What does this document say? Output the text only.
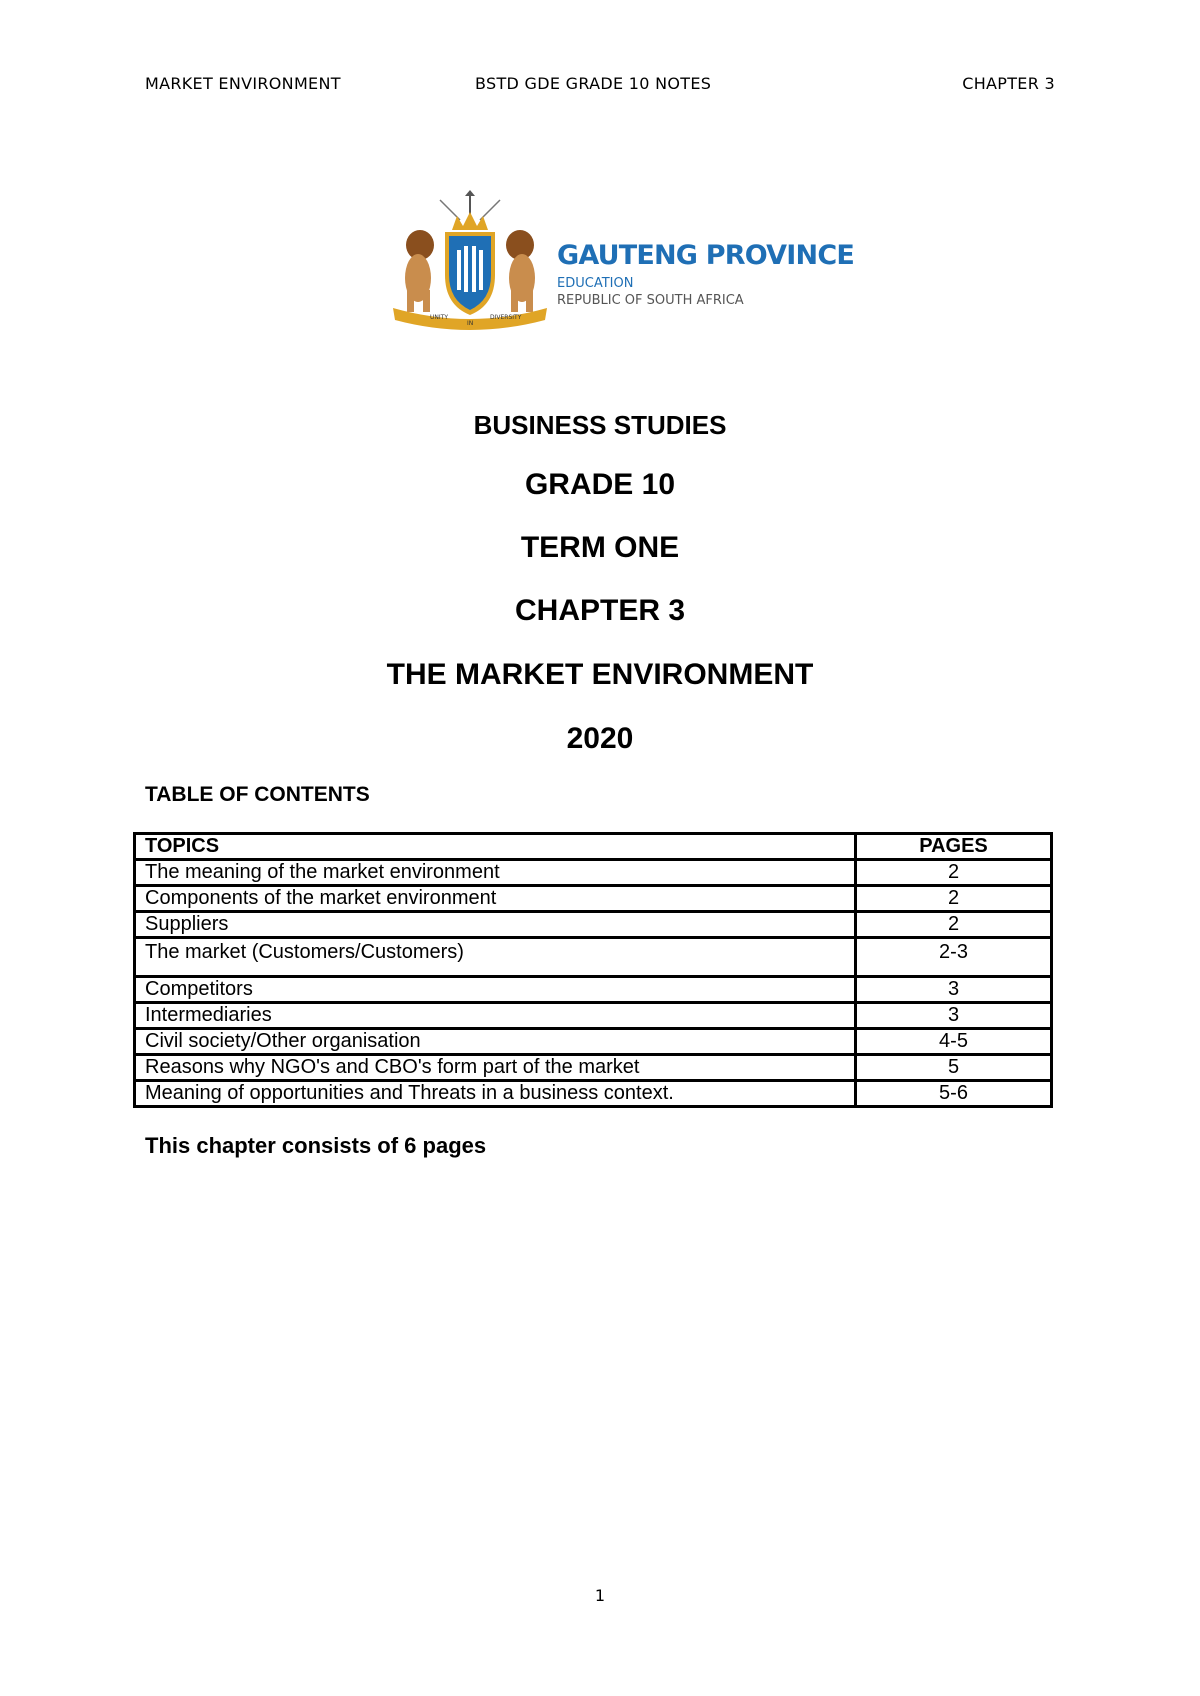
MARKET ENVIRONMENT	BSTD GDE GRADE 10 NOTES	CHAPTER 3
UNITY
IN
DIVERSITY
GAUTENG PROVINCE
EDUCATION
REPUBLIC OF SOUTH AFRICA
BUSINESS STUDIES
GRADE 10
TERM ONE
CHAPTER 3
THE MARKET ENVIRONMENT
2020
TABLE OF CONTENTS
TOPICS	PAGES
The meaning of the market environment	2
Components of the market environment	2
Suppliers	2
The market (Customers/Customers)	2-3
Competitors	3
Intermediaries	3
Civil society/Other organisation	4-5
Reasons why NGO's and CBO's form part of the market	5
Meaning of opportunities and Threats in a business context.	5-6
This chapter consists of 6 pages
1
